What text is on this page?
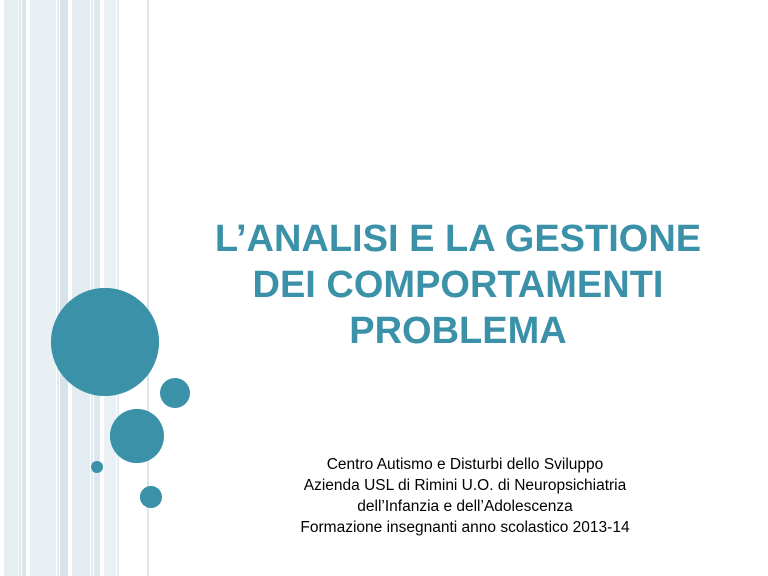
L’ANALISI E LA GESTIONE
DEI COMPORTAMENTI
PROBLEMA
Centro Autismo e Disturbi dello Sviluppo
Azienda USL di Rimini U.O. di Neuropsichiatria
dell’Infanzia e dell’Adolescenza
Formazione insegnanti anno scolastico 2013-14
